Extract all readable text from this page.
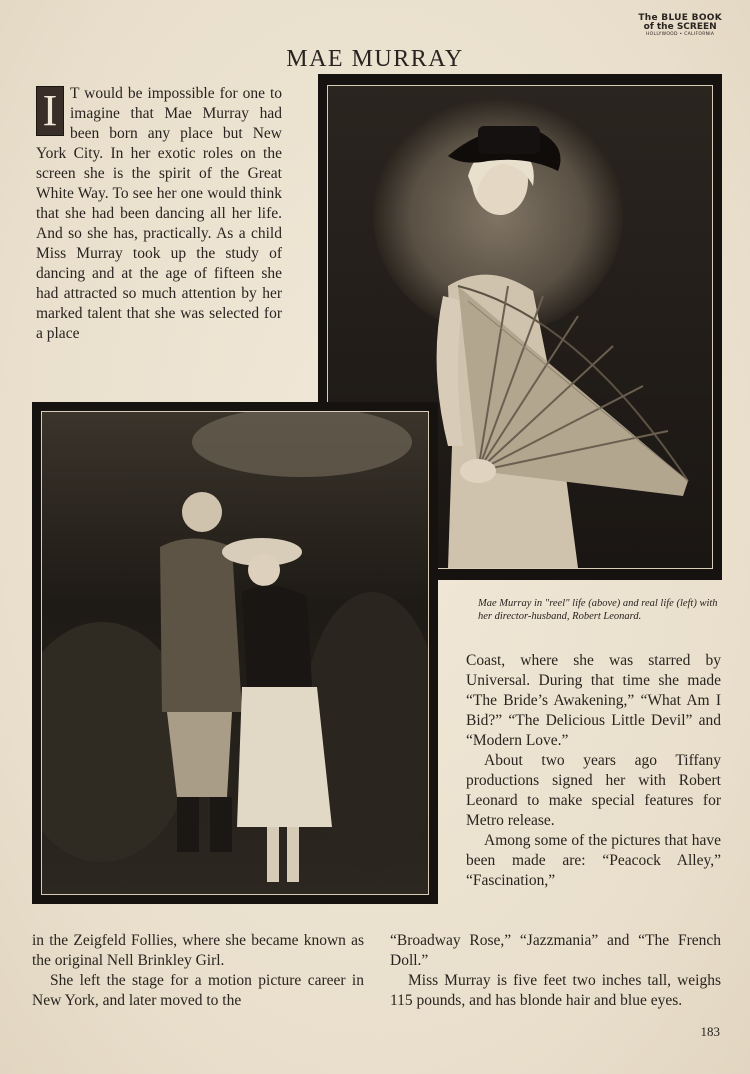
The BLUE BOOK
of the SCREEN
HOLLYWOOD • CALIFORNIA
MAE MURRAY
I T would be impossible for one to imagine that Mae Murray had been born any place but New York City. In her exotic roles on the screen she is the spirit of the Great White Way. To see her one would think that she had been dancing all her life. And so she has, practically. As a child Miss Murray took up the study of dancing and at the age of fifteen she had attracted so much attention by her marked talent that she was selected for a place
Mae Murray in "reel" life (above) and real life (left) with her director-husband, Robert Leonard.

Coast, where she was starred by Universal. During that time she made “The Bride’s Awakening,” “What Am I Bid?” “The Delicious Little Devil” and “Modern Love.”

About two years ago Tiffany productions signed her with Robert Leonard to make special features for Metro release.

Among some of the pictures that have been made are: “Peacock Alley,” “Fascination,”

in the Zeigfeld Follies, where she became known as the original Nell Brinkley Girl.

She left the stage for a motion picture career in New York, and later moved to the

“Broadway Rose,” “Jazzmania” and “The French Doll.”

Miss Murray is five feet two inches tall, weighs 115 pounds, and has blonde hair and blue eyes.

183
